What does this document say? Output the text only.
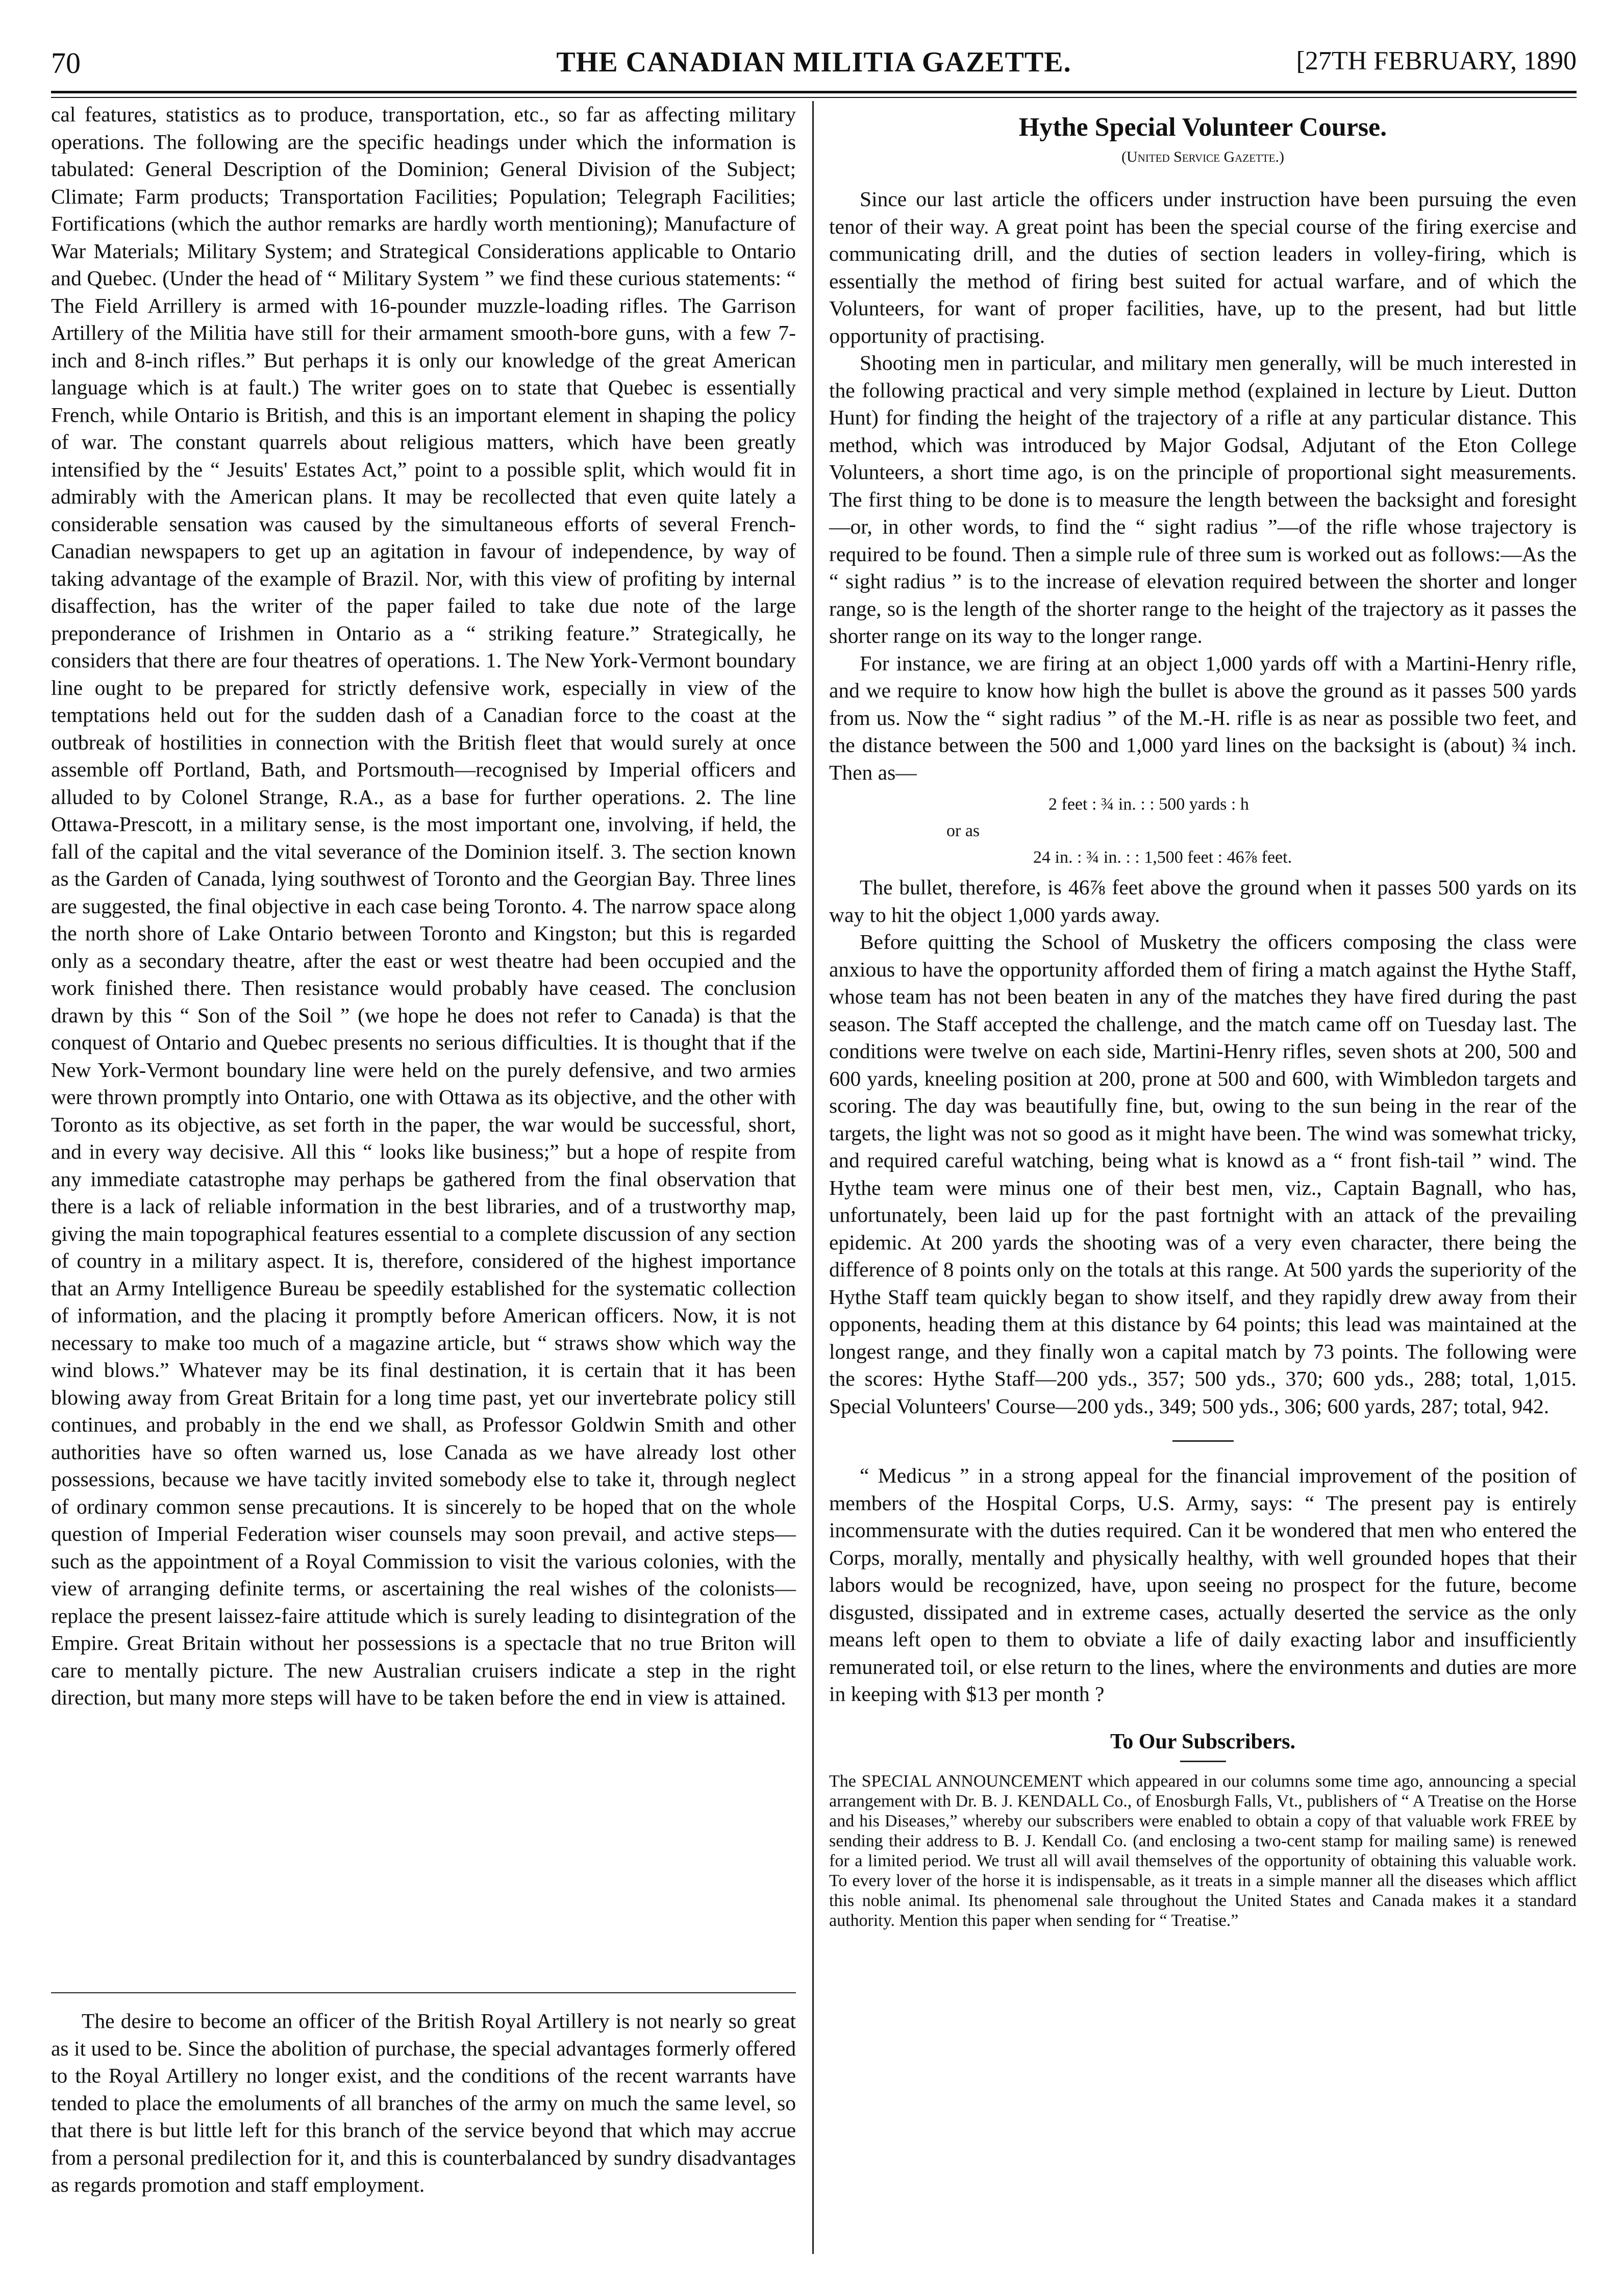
70	THE CANADIAN MILITIA GAZETTE.	[27TH FEBRUARY, 1890

cal features, statistics as to produce, transportation, etc., so far as affecting military operations. The following are the specific headings under which the information is tabulated: General Description of the Dominion; General Division of the Subject; Climate; Farm products; Transportation Facilities; Population; Telegraph Facilities; Fortifications (which the author remarks are hardly worth mentioning); Manufacture of War Materials; Military System; and Strategical Considerations applicable to Ontario and Quebec. (Under the head of “ Military System ” we find these curious statements: “ The Field Arrillery is armed with 16-pounder muzzle-loading rifles. The Garrison Artillery of the Militia have still for their armament smooth-bore guns, with a few 7-inch and 8-inch rifles.” But perhaps it is only our knowledge of the great American language which is at fault.) The writer goes on to state that Quebec is essentially French, while Ontario is British, and this is an important element in shaping the policy of war. The constant quarrels about religious matters, which have been greatly intensified by the “ Jesuits' Estates Act,” point to a possible split, which would fit in admirably with the American plans. It may be recollected that even quite lately a considerable sensation was caused by the simultaneous efforts of several French-Canadian newspapers to get up an agitation in favour of independence, by way of taking advantage of the example of Brazil. Nor, with this view of profiting by internal disaffection, has the writer of the paper failed to take due note of the large preponderance of Irishmen in Ontario as a “ striking feature.” Strategically, he considers that there are four theatres of operations. 1. The New York-Vermont boundary line ought to be prepared for strictly defensive work, especially in view of the temptations held out for the sudden dash of a Canadian force to the coast at the outbreak of hostilities in connection with the British fleet that would surely at once assemble off Portland, Bath, and Portsmouth—recognised by Imperial officers and alluded to by Colonel Strange, R.A., as a base for further operations. 2. The line Ottawa-Prescott, in a military sense, is the most important one, involving, if held, the fall of the capital and the vital severance of the Dominion itself. 3. The section known as the Garden of Canada, lying southwest of Toronto and the Georgian Bay. Three lines are suggested, the final objective in each case being Toronto. 4. The narrow space along the north shore of Lake Ontario between Toronto and Kingston; but this is regarded only as a secondary theatre, after the east or west theatre had been occupied and the work finished there. Then resistance would probably have ceased. The conclusion drawn by this “ Son of the Soil ” (we hope he does not refer to Canada) is that the conquest of Ontario and Quebec presents no serious difficulties. It is thought that if the New York-Vermont boundary line were held on the purely defensive, and two armies were thrown promptly into Ontario, one with Ottawa as its objective, and the other with Toronto as its objective, as set forth in the paper, the war would be successful, short, and in every way decisive. All this “ looks like business;” but a hope of respite from any immediate catastrophe may perhaps be gathered from the final observation that there is a lack of reliable information in the best libraries, and of a trustworthy map, giving the main topographical features essential to a complete discussion of any section of country in a military aspect. It is, therefore, considered of the highest importance that an Army Intelligence Bureau be speedily established for the systematic collection of information, and the placing it promptly before American officers. Now, it is not necessary to make too much of a magazine article, but “ straws show which way the wind blows.” Whatever may be its final destination, it is certain that it has been blowing away from Great Britain for a long time past, yet our invertebrate policy still continues, and probably in the end we shall, as Professor Goldwin Smith and other authorities have so often warned us, lose Canada as we have already lost other possessions, because we have tacitly invited somebody else to take it, through neglect of ordinary common sense precautions. It is sincerely to be hoped that on the whole question of Imperial Federation wiser counsels may soon prevail, and active steps—such as the appointment of a Royal Commission to visit the various colonies, with the view of arranging definite terms, or ascertaining the real wishes of the colonists—replace the present laissez-faire attitude which is surely leading to disintegration of the Empire. Great Britain without her possessions is a spectacle that no true Briton will care to mentally picture. The new Australian cruisers indicate a step in the right direction, but many more steps will have to be taken before the end in view is attained.

The desire to become an officer of the British Royal Artillery is not nearly so great as it used to be. Since the abolition of purchase, the special advantages formerly offered to the Royal Artillery no longer exist, and the conditions of the recent warrants have tended to place the emoluments of all branches of the army on much the same level, so that there is but little left for this branch of the service beyond that which may accrue from a personal predilection for it, and this is counterbalanced by sundry disadvantages as regards promotion and staff employment.

Hythe Special Volunteer Course.
(United Service Gazette.)

Since our last article the officers under instruction have been pursuing the even tenor of their way. A great point has been the special course of the firing exercise and communicating drill, and the duties of section leaders in volley-firing, which is essentially the method of firing best suited for actual warfare, and of which the Volunteers, for want of proper facilities, have, up to the present, had but little opportunity of practising.

Shooting men in particular, and military men generally, will be much interested in the following practical and very simple method (explained in lecture by Lieut. Dutton Hunt) for finding the height of the trajectory of a rifle at any particular distance. This method, which was introduced by Major Godsal, Adjutant of the Eton College Volunteers, a short time ago, is on the principle of proportional sight measurements. The first thing to be done is to measure the length between the backsight and foresight—or, in other words, to find the “ sight radius ”—of the rifle whose trajectory is required to be found. Then a simple rule of three sum is worked out as follows:—As the “ sight radius ” is to the increase of elevation required between the shorter and longer range, so is the length of the shorter range to the height of the trajectory as it passes the shorter range on its way to the longer range.

For instance, we are firing at an object 1,000 yards off with a Martini-Henry rifle, and we require to know how high the bullet is above the ground as it passes 500 yards from us. Now the “ sight radius ” of the M.-H. rifle is as near as possible two feet, and the distance between the 500 and 1,000 yard lines on the backsight is (about) ¾ inch. Then as—

2 feet : ¾ in. : : 500 yards : h
or as
24 in. : ¾ in. : : 1,500 feet : 46⅞ feet.

The bullet, therefore, is 46⅞ feet above the ground when it passes 500 yards on its way to hit the object 1,000 yards away.

Before quitting the School of Musketry the officers composing the class were anxious to have the opportunity afforded them of firing a match against the Hythe Staff, whose team has not been beaten in any of the matches they have fired during the past season. The Staff accepted the challenge, and the match came off on Tuesday last. The conditions were twelve on each side, Martini-Henry rifles, seven shots at 200, 500 and 600 yards, kneeling position at 200, prone at 500 and 600, with Wimbledon targets and scoring. The day was beautifully fine, but, owing to the sun being in the rear of the targets, the light was not so good as it might have been. The wind was somewhat tricky, and required careful watching, being what is knowd as a “ front fish-tail ” wind. The Hythe team were minus one of their best men, viz., Captain Bagnall, who has, unfortunately, been laid up for the past fortnight with an attack of the prevailing epidemic. At 200 yards the shooting was of a very even character, there being the difference of 8 points only on the totals at this range. At 500 yards the superiority of the Hythe Staff team quickly began to show itself, and they rapidly drew away from their opponents, heading them at this distance by 64 points; this lead was maintained at the longest range, and they finally won a capital match by 73 points. The following were the scores: Hythe Staff—200 yds., 357; 500 yds., 370; 600 yds., 288; total, 1,015. Special Volunteers' Course—200 yds., 349; 500 yds., 306; 600 yards, 287; total, 942.

“ Medicus ” in a strong appeal for the financial improvement of the position of members of the Hospital Corps, U.S. Army, says: “ The present pay is entirely incommensurate with the duties required. Can it be wondered that men who entered the Corps, morally, mentally and physically healthy, with well grounded hopes that their labors would be recognized, have, upon seeing no prospect for the future, become disgusted, dissipated and in extreme cases, actually deserted the service as the only means left open to them to obviate a life of daily exacting labor and insufficiently remunerated toil, or else return to the lines, where the environments and duties are more in keeping with $13 per month ?

To Our Subscribers.

The SPECIAL ANNOUNCEMENT which appeared in our columns some time ago, announcing a special arrangement with Dr. B. J. KENDALL Co., of Enosburgh Falls, Vt., publishers of “ A Treatise on the Horse and his Diseases,” whereby our subscribers were enabled to obtain a copy of that valuable work FREE by sending their address to B. J. Kendall Co. (and enclosing a two-cent stamp for mailing same) is renewed for a limited period. We trust all will avail themselves of the opportunity of obtaining this valuable work. To every lover of the horse it is indispensable, as it treats in a simple manner all the diseases which afflict this noble animal. Its phenomenal sale throughout the United States and Canada makes it a standard authority. Mention this paper when sending for “ Treatise.”
